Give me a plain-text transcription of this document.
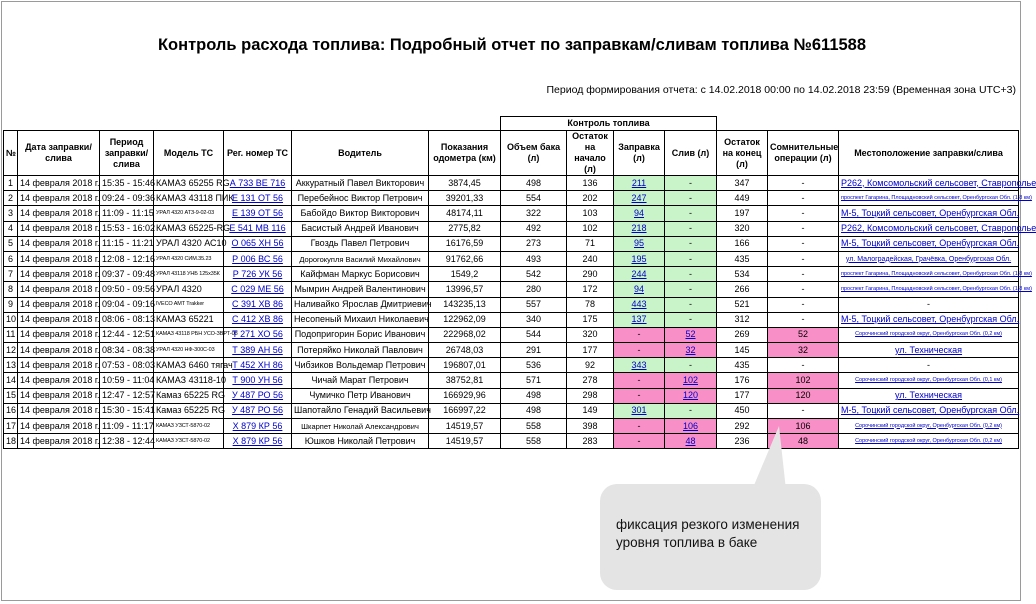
Контроль расхода топлива: Подробный отчет по заправкам/сливам топлива №611588
Период формирования отчета: с 14.02.2018 00:00 по 14.02.2018 23:59 (Временная зона UTC+3)
							Контроль топлива						
№	Дата заправки/слива	Период заправки/слива	Модель ТС	Рег. номер ТС	Водитель	Показания одометра (км)	Объем бака (л)	Остаток на начало (л)	Заправка (л)	Слив (л)	Остаток на конец (л)	Сомнительные операции (л)	Местоположение заправки/слива
1	14 февраля 2018 г.	15:35 - 15:46	КАМАЗ 65255 RG	А 733 ВЕ 716	Аккуратный Павел Викторович	3874,45	498	136	211	-	347	-	Р262, Комсомольский сельсовет, Ставрополье
2	14 февраля 2018 г.	09:24 - 09:36	КАМАЗ 43118 ПИК	Е 131 ОТ 56	Перебейнос Виктор Петрович	39201,33	554	202	247	-	449	-	проспект Гагарина, Площадновский сельсовет, Оренбургская Обл. (1,8 км)
3	14 февраля 2018 г.	11:09 - 11:15	УРАЛ 4320 АТЗ-9-02-03	Е 139 ОТ 56	Бабойдо Виктор Викторович	48174,11	322	103	94	-	197	-	М-5, Тоцкий сельсовет, Оренбургская Обл.
4	14 февраля 2018 г.	15:53 - 16:02	КАМАЗ 65225-RG	Е 541 МВ 116	Басистый Андрей Иванович	2775,82	492	102	218	-	320	-	Р262, Комсомольский сельсовет, Ставрополье
5	14 февраля 2018 г.	11:15 - 11:21	УРАЛ 4320 АС10	О 065 ХН 56	Гвоздь Павел Петрович	16176,59	273	71	95	-	166	-	М-5, Тоцкий сельсовет, Оренбургская Обл.
6	14 февраля 2018 г.	12:08 - 12:16	УРАЛ 4320 СИМ.35.23	Р 006 ВС 56	Дорогокупля Василий Михайлович	91762,66	493	240	195	-	435	-	ул. Малоградейская, Грачёвка, Оренбургская Обл.
7	14 февраля 2018 г.	09:37 - 09:48	УРАЛ 43118 УНБ 125х35К	Р 726 УК 56	Кайфман Маркус Борисович	1549,2	542	290	244	-	534	-	проспект Гагарина, Площадновский сельсовет, Оренбургская Обл. (1,8 км)
8	14 февраля 2018 г.	09:50 - 09:56	УРАЛ 4320	С 029 МЕ 56	Мымрин Андрей Валентинович	13996,57	280	172	94	-	266	-	проспект Гагарина, Площадновский сельсовет, Оренбургская Обл. (1,8 км)
9	14 февраля 2018 г.	09:04 - 09:16	IVECO AMT Trakker	С 391 ХВ 86	Наливайко Ярослав Дмитриевич	143235,13	557	78	443	-	521	-	-
10	14 февраля 2018 г.	08:06 - 08:13	КАМАЗ 65221	С 412 ХВ 86	Несопеный Михаил Николаевич	122962,09	340	175	137	-	312	-	М-5, Тоцкий сельсовет, Оренбургская Обл.
11	14 февраля 2018 г.	12:44 - 12:51	КАМАЗ 43118 РБН УСО-ЗВРТ-08	Т 271 ХО 56	Подопригорин Борис Иванович	222968,02	544	320	-	52	269	52	Сорочинский городской округ, Оренбургская Обл. (0,2 км)
12	14 февраля 2018 г.	08:34 - 08:38	УРАЛ 4320 НФ-300С-03	Т 389 АН 56	Потеряйко Николай Павлович	26748,03	291	177	-	32	145	32	ул. Техническая
13	14 февраля 2018 г.	07:53 - 08:03	КАМАЗ 6460 тягач	Т 452 ХН 86	Чибзиков Вольдемар Петрович	196807,01	536	92	343	-	435	-	-
14	14 февраля 2018 г.	10:59 - 11:04	КАМАЗ 43118-10	Т 900 УН 56	Чичай Марат Петрович	38752,81	571	278	-	102	176	102	Сорочинский городской округ, Оренбургская Обл. (0,1 км)
15	14 февраля 2018 г.	12:47 - 12:57	Камаз 65225 RG	У 487 РО 56	Чумичко Петр Иванович	166929,96	498	298	-	120	177	120	ул. Техническая
16	14 февраля 2018 г.	15:30 - 15:41	Камаз 65225 RG	У 487 РО 56	Шапотайло Генадий Васильевич	166997,22	498	149	301	-	450	-	М-5, Тоцкий сельсовет, Оренбургская Обл.
17	14 февраля 2018 г.	11:09 - 11:17	КАМАЗ УЗСТ-5870-02	Х 879 КР 56	Шкарпет Николай Александрович	14519,57	558	398	-	106	292	106	Сорочинский городской округ, Оренбургская Обл. (0,2 км)
18	14 февраля 2018 г.	12:38 - 12:44	КАМАЗ УЗСТ-5870-02	Х 879 КР 56	Юшков Николай Петрович	14519,57	558	283	-	48	236	48	Сорочинский городской округ, Оренбургская Обл. (0,2 км)
фиксация резкого изменения уровня топлива в баке
